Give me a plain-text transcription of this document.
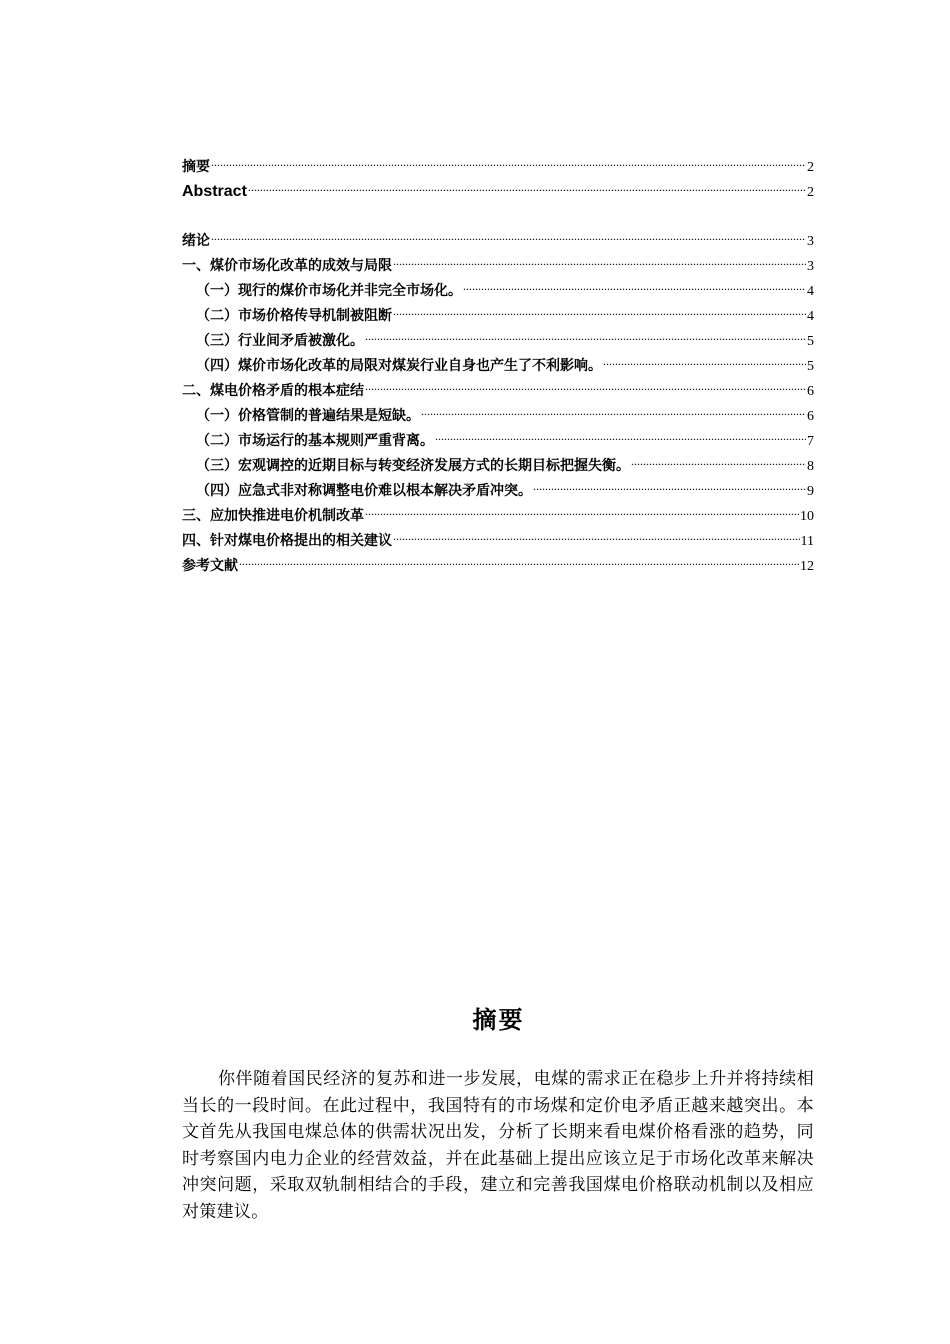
摘要 .....	2
Abstract .....	2
绪论 .....	3
一、煤价市场化改革的成效与局限 .....	3
（一）现行的煤价市场化并非完全市场化。 .....	4
（二）市场价格传导机制被阻断 .....	4
（三）行业间矛盾被激化。 .....	5
（四）煤价市场化改革的局限对煤炭行业自身也产生了不利影响。 .....	5
二、煤电价格矛盾的根本症结 .....	6
（一）价格管制的普遍结果是短缺。 .....	6
（二）市场运行的基本规则严重背离。 .....	7
（三）宏观调控的近期目标与转变经济发展方式的长期目标把握失衡。 .....	8
（四）应急式非对称调整电价难以根本解决矛盾冲突。 .....	9
三、应加快推进电价机制改革 .....	10
四、针对煤电价格提出的相关建议 .....	11
参考文献 .....	12
摘要
你伴随着国民经济的复苏和进一步发展，电煤的需求正在稳步上升并将持续相当长的一段时间。在此过程中，我国特有的市场煤和定价电矛盾正越来越突出。本文首先从我国电煤总体的供需状况出发，分析了长期来看电煤价格看涨的趋势，同时考察国内电力企业的经营效益，并在此基础上提出应该立足于市场化改革来解决冲突问题，采取双轨制相结合的手段，建立和完善我国煤电价格联动机制以及相应对策建议。
